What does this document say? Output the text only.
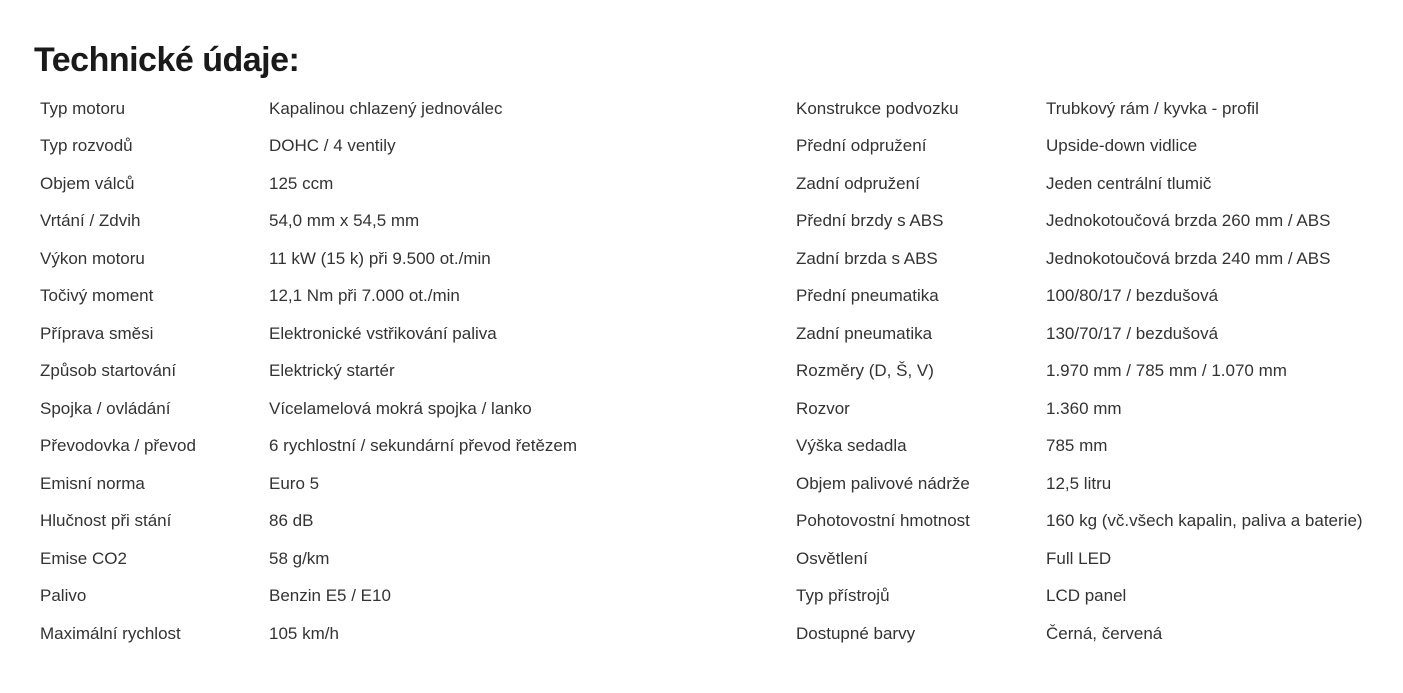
Technické údaje:
Typ motoru	Kapalinou chlazený jednoválec
Typ rozvodů	DOHC / 4 ventily
Objem válců	125 ccm
Vrtání / Zdvih	54,0 mm x 54,5 mm
Výkon motoru	11 kW (15 k) při 9.500 ot./min
Točivý moment	12,1 Nm při 7.000 ot./min
Příprava směsi	Elektronické vstřikování paliva
Způsob startování	Elektrický startér
Spojka / ovládání	Vícelamelová mokrá spojka / lanko
Převodovka / převod	6 rychlostní / sekundární převod řetězem
Emisní norma	Euro 5
Hlučnost při stání	86 dB
Emise CO2	58 g/km
Palivo	Benzin E5 / E10
Maximální rychlost	105 km/h
Konstrukce podvozku	Trubkový rám / kyvka - profil
Přední odpružení	Upside-down vidlice
Zadní odpružení	Jeden centrální tlumič
Přední brzdy s ABS	Jednokotoučová brzda 260 mm / ABS
Zadní brzda s ABS	Jednokotoučová brzda 240 mm / ABS
Přední pneumatika	100/80/17 / bezdušová
Zadní pneumatika	130/70/17 / bezdušová
Rozměry (D, Š, V)	1.970 mm / 785 mm / 1.070 mm
Rozvor	1.360 mm
Výška sedadla	785 mm
Objem palivové nádrže	12,5 litru
Pohotovostní hmotnost	160 kg (vč.všech kapalin, paliva a baterie)
Osvětlení	Full LED
Typ přístrojů	LCD panel
Dostupné barvy	Černá, červená
